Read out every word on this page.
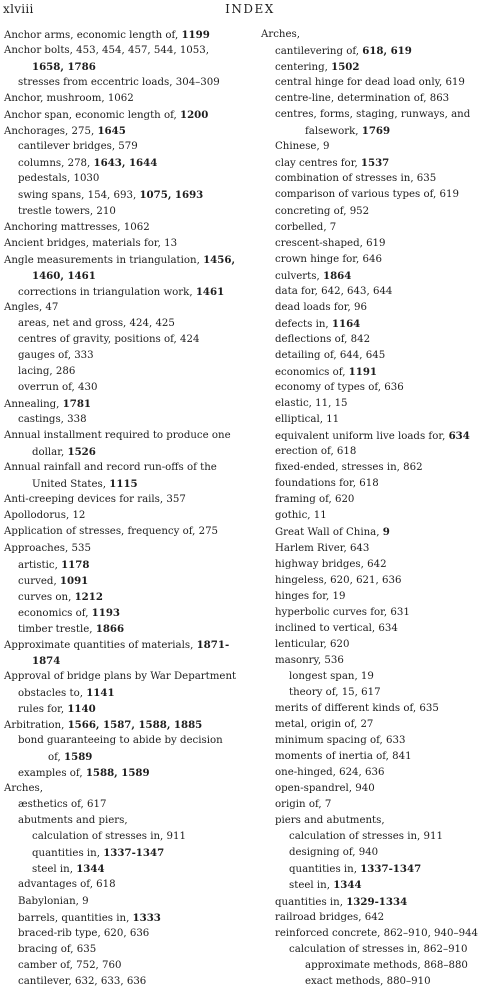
xlviii	INDEX
Anchor arms, economic length of, 1199
Anchor bolts, 453, 454, 457, 544, 1053,
1658, 1786
stresses from eccentric loads, 304–309
Anchor, mushroom, 1062
Anchor span, economic length of, 1200
Anchorages, 275, 1645
cantilever bridges, 579
columns, 278, 1643, 1644
pedestals, 1030
swing spans, 154, 693, 1075, 1693
trestle towers, 210
Anchoring mattresses, 1062
Ancient bridges, materials for, 13
Angle measurements in triangulation, 1456,
1460, 1461
corrections in triangulation work, 1461
Angles, 47
areas, net and gross, 424, 425
centres of gravity, positions of, 424
gauges of, 333
lacing, 286
overrun of, 430
Annealing, 1781
castings, 338
Annual installment required to produce one
dollar, 1526
Annual rainfall and record run-offs of the
United States, 1115
Anti-creeping devices for rails, 357
Apollodorus, 12
Application of stresses, frequency of, 275
Approaches, 535
artistic, 1178
curved, 1091
curves on, 1212
economics of, 1193
timber trestle, 1866
Approximate quantities of materials, 1871-
1874
Approval of bridge plans by War Department
obstacles to, 1141
rules for, 1140
Arbitration, 1566, 1587, 1588, 1885
bond guaranteeing to abide by decision
of, 1589
examples of, 1588, 1589
Arches,
æsthetics of, 617
abutments and piers,
calculation of stresses in, 911
quantities in, 1337-1347
steel in, 1344
advantages of, 618
Babylonian, 9
barrels, quantities in, 1333
braced-rib type, 620, 636
bracing of, 635
camber of, 752, 760
cantilever, 632, 633, 636
Arches,
cantilevering of, 618, 619
centering, 1502
central hinge for dead load only, 619
centre-line, determination of, 863
centres, forms, staging, runways, and
falsework, 1769
Chinese, 9
clay centres for, 1537
combination of stresses in, 635
comparison of various types of, 619
concreting of, 952
corbelled, 7
crescent-shaped, 619
crown hinge for, 646
culverts, 1864
data for, 642, 643, 644
dead loads for, 96
defects in, 1164
deflections of, 842
detailing of, 644, 645
economics of, 1191
economy of types of, 636
elastic, 11, 15
elliptical, 11
equivalent uniform live loads for, 634
erection of, 618
fixed-ended, stresses in, 862
foundations for, 618
framing of, 620
gothic, 11
Great Wall of China, 9
Harlem River, 643
highway bridges, 642
hingeless, 620, 621, 636
hinges for, 19
hyperbolic curves for, 631
inclined to vertical, 634
lenticular, 620
masonry, 536
longest span, 19
theory of, 15, 617
merits of different kinds of, 635
metal, origin of, 27
minimum spacing of, 633
moments of inertia of, 841
one-hinged, 624, 636
open-spandrel, 940
origin of, 7
piers and abutments,
calculation of stresses in, 911
designing of, 940
quantities in, 1337-1347
steel in, 1344
quantities in, 1329-1334
railroad bridges, 642
reinforced concrete, 862–910, 940–944
calculation of stresses in, 862–910
approximate methods, 868–880
exact methods, 880–910
